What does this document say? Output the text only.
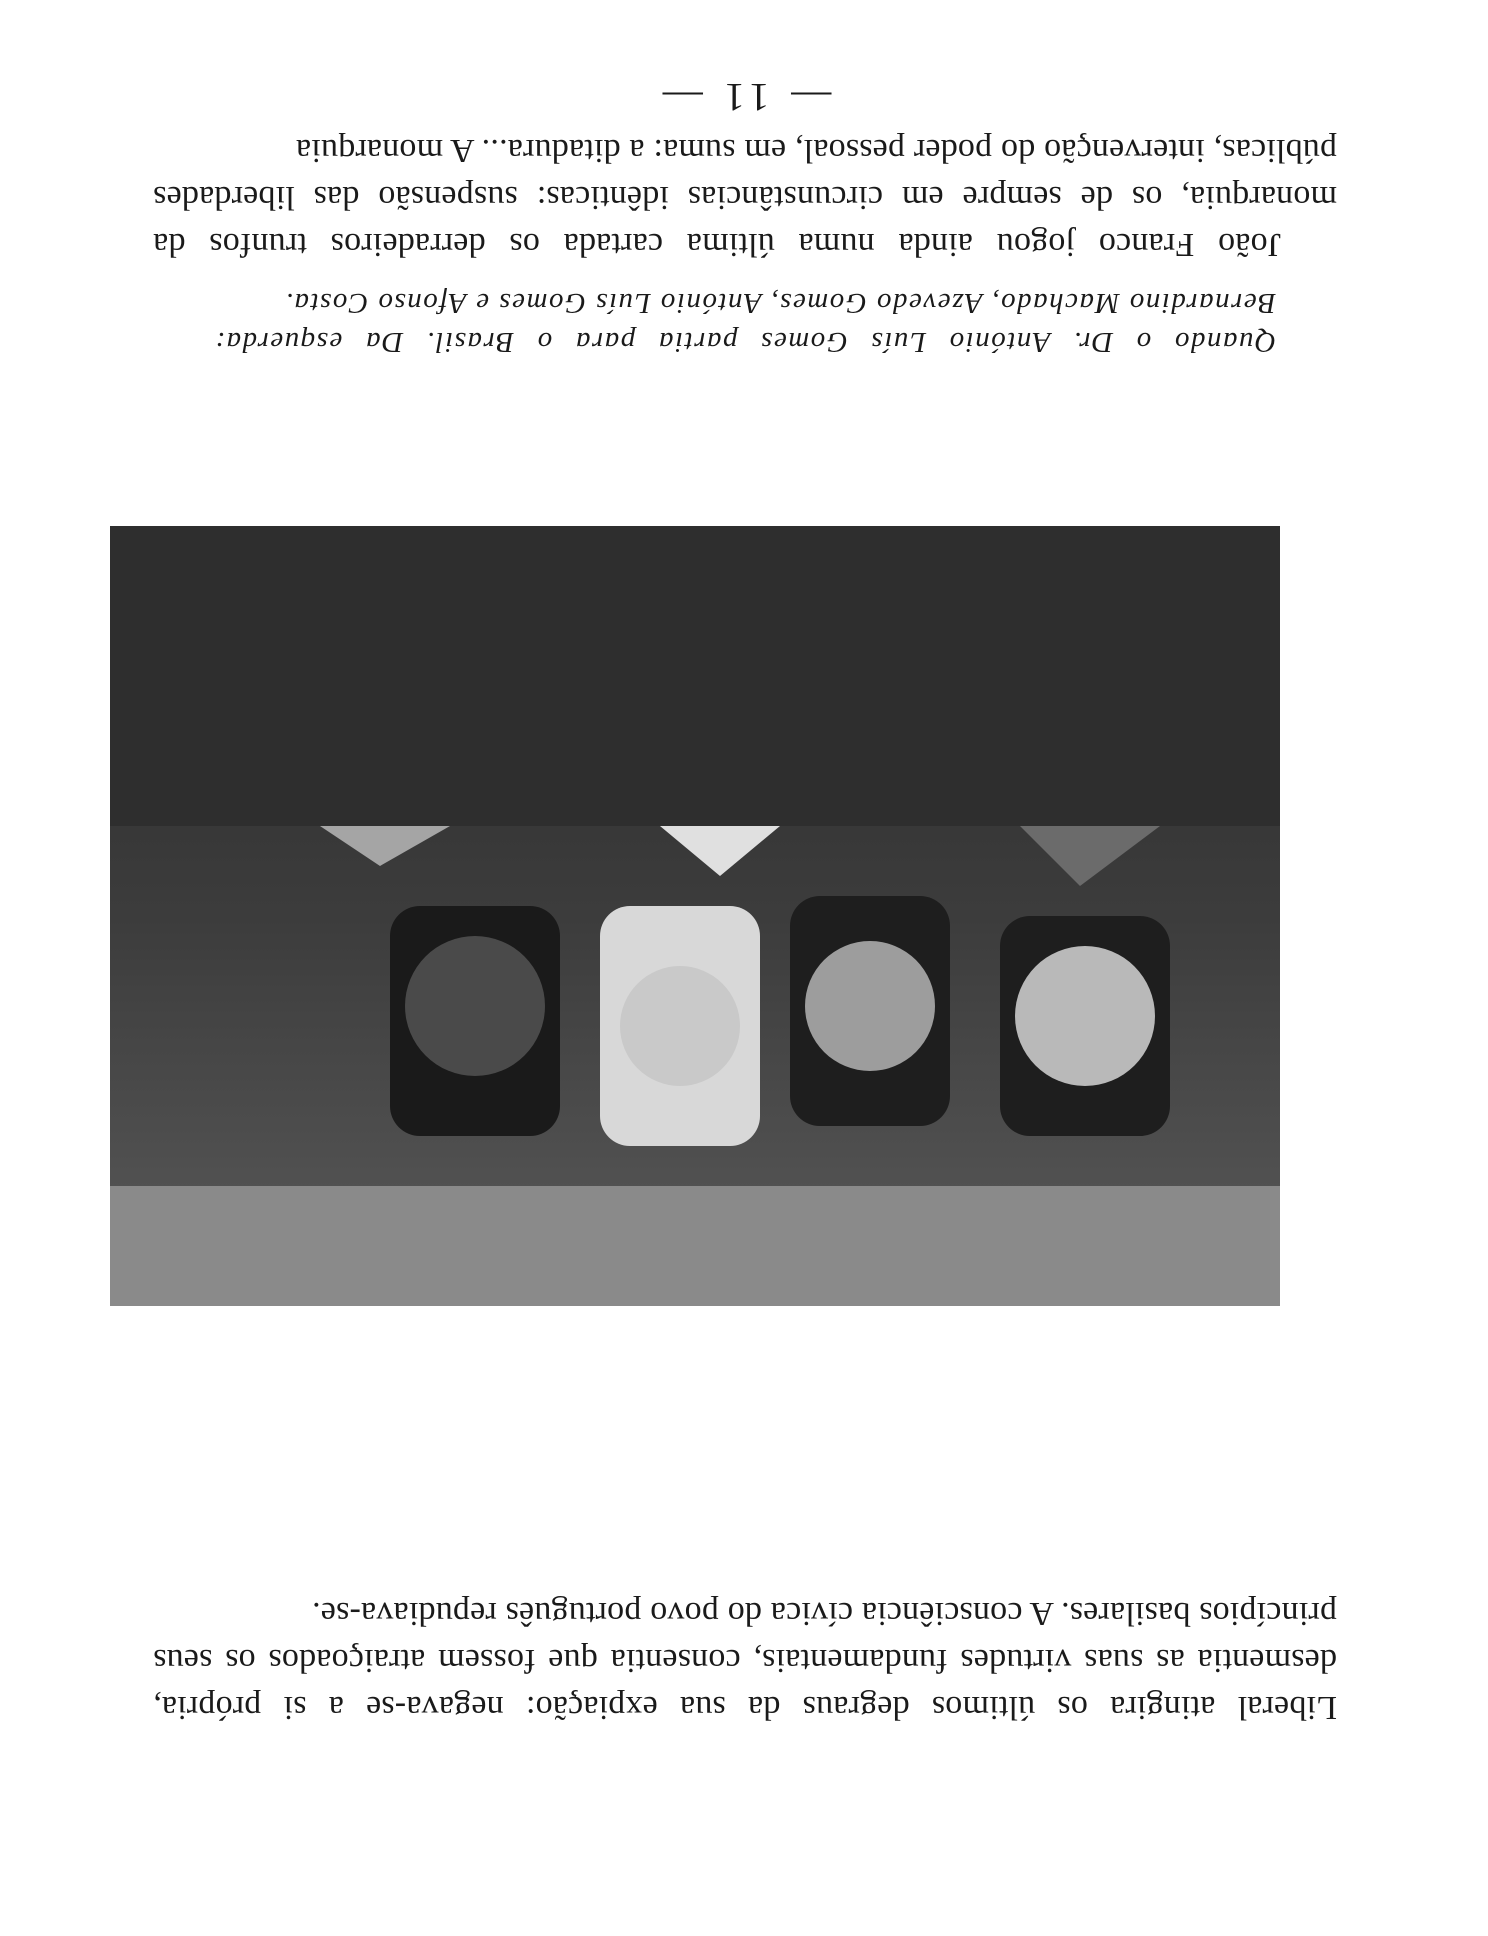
— 11 —

Liberal atingira os últimos degraus da sua expiação: negava-se a si própria, desmentia as suas virtudes fundamentais, consentia que fossem atraiçoados os seus princípios basilares. A consciência cívica do povo português repudiava-se.

Quando o Dr. António Luís Gomes partia para o Brasil. Da esquerda: Bernardino Machado, Azevedo Gomes, António Luís Gomes e Afonso Costa.

João Franco jogou ainda numa última cartada os derradeiros trunfos da monarquia, os de sempre em circunstâncias idênticas: suspensão das liberdades públicas, intervenção do poder pessoal, em suma: a ditadura... A monarquia
